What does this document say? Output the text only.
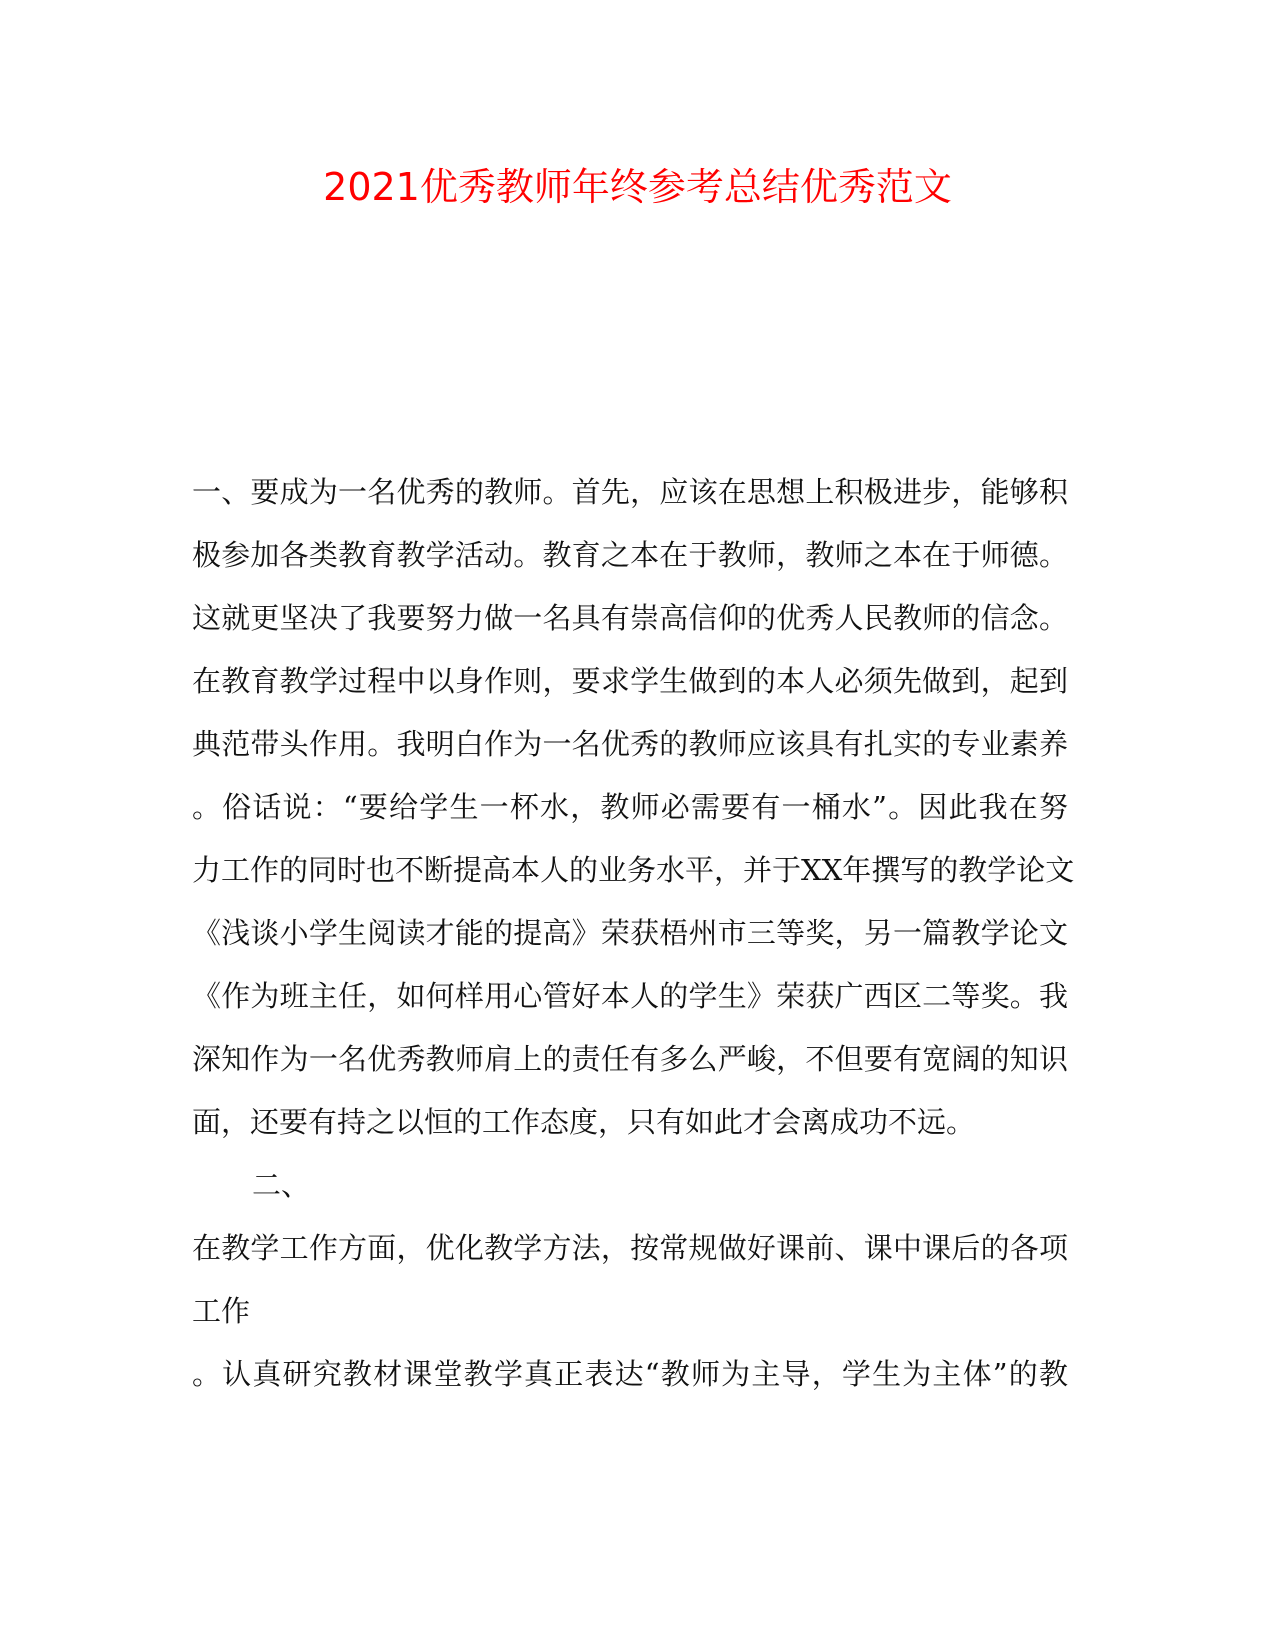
2021优秀教师年终参考总结优秀范文
一、要成为一名优秀的教师。首先，应该在思想上积极进步，能够积
极参加各类教育教学活动。教育之本在于教师，教师之本在于师德。
这就更坚决了我要努力做一名具有崇高信仰的优秀人民教师的信念。
在教育教学过程中以身作则，要求学生做到的本人必须先做到，起到
典范带头作用。我明白作为一名优秀的教师应该具有扎实的专业素养
。俗话说：“要给学生一杯水，教师必需要有一桶水”。因此我在努
力工作的同时也不断提高本人的业务水平，并于XX年撰写的教学论文
《浅谈小学生阅读才能的提高》荣获梧州市三等奖，另一篇教学论文
《作为班主任，如何样用心管好本人的学生》荣获广西区二等奖。我
深知作为一名优秀教师肩上的责任有多么严峻，不但要有宽阔的知识
面，还要有持之以恒的工作态度，只有如此才会离成功不远。
二、
在教学工作方面，优化教学方法，按常规做好课前、课中课后的各项
工作
。认真研究教材课堂教学真正表达“教师为主导，学生为主体”的教
